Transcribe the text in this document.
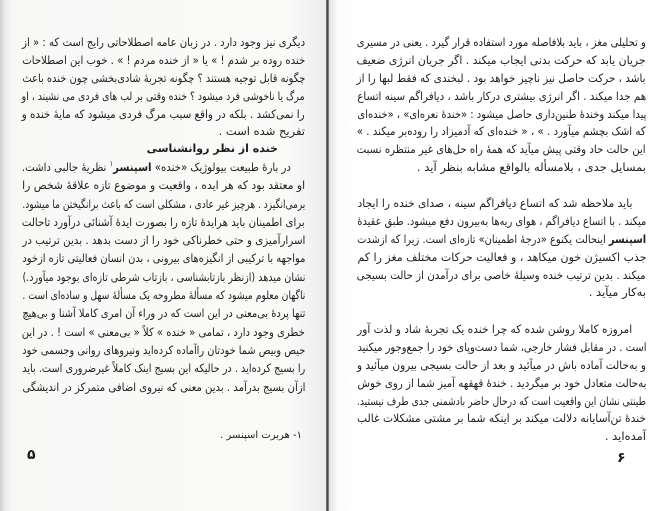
دیگری نیز وجود دارد . در زبان عامه اصطلاحاتی رایج است که : « از
خنده روده بر شدم ! » یا « از خنده مردم ! » . خوب این اصطلاحات
چگونه قابل توجیه هستند ؟ چگونه تجربهٔ شادی‌بخشی چون خنده باعث
مرگ یا ناخوشی فرد میشود ؟ خنده وقتی بر لب های فردی می نشیند ، او
را نمی‌کشد . بلکه در واقع سبب مرگ فردی میشود که مایهٔ خنده و
تفریح شده است .
خنده از نظر روانشناسی
در بارهٔ طبیعت بیولوژیک «خنده» اسپنسر$^۱$ نظریهٔ جالبی داشت.
او معتقد بود که هر ایده ، واقعیت و موضوع تازه علاقهٔ شخص را
برمی‌انگیزد . هرچیز غیر عادی ، مشکلی است که باعث برانگیختن ما میشود.
برای اطمینان باید هرایدهٔ تازه را بصورت ایدهٔ آشنائی درآورد تاحالت
اسرارآمیزی و حتی خطرناکی خود را از دست بدهد . بدین ترتیب در
مواجهه با ترکیبی از انگیزه‌های بیرونی ، بدن انسان فعالیتی تازه ازخود
نشان میدهد (ازنظر بازتابشناسی ، بازتاب شرطی تازه‌ای بوجود میآورد.)
ناگهان معلوم میشود که مسألهٔ مطروحه یک مسألهٔ سهل و ساده‌ای است .
تنها پردهٔ بی‌معنی در این است که در وراء آن امری کاملا آشنا و بی‌هیچ
خطری وجود دارد ، تمامی « خنده » کلاً « بی‌معنی » است ! . در این
حیص وبیص شما خودتان راآماده کرده‌اید ونیروهای روانی وجسمی خود
را بسیج کرده‌اید . در حالیکه این بسیج اینک کاملاً غیرضروری است. باید
ازآن بسیج بدرآمد . بدین معنی که نیروی اضافی متمرکز در اندیشگی
۱- هربرت اسپنسر .
۵
و تحلیلی مغز ، باید بلافاصله مورد استفاده قرار گیرد . یعنی در مسیری
جریان یابد که حرکت بدنی ایجاب میکند . اگر جریان انرژی ضعیف
باشد ، حرکت حاصل نیز ناچیز خواهد بود . لبخندی که فقط لبها را از
هم جدا میکند . اگر انرژی بیشتری درکار باشد ، دیافراگم سینه اتساع
پیدا میکند وخندهٔ طنین‌داری حاصل میشود : «خندهٔ نعره‌ای» ، «خنده‌ای
که اشک بچشم میآورد . » ، « خنده‌ای که آدمیزاد را روده‌بر میکند . »
این حالت حاد وقتی پیش میآید که همهٔ راه حل‌های غیر منتظره نسبت
بمسایل جدی ، بلامسأله بالواقع مشابه بنظر آید .
باید ملاحظه شد که اتساع دیافراگم سینه ، صدای خنده را ایجاد
میکند . با اتساع دیافراگم ، هوای ریه‌ها به‌بیرون دفع میشود. طبق عقیدهٔ
اسپنسر اینحالت یکنوع «درجهٔ اطمینان» تازه‌ای است. زیرا که ازشدت
جذب اکسیژن خون میکاهد ، و فعالیت حرکات مختلف مغز را کم
میکند . بدین ترتیب خنده وسیلهٔ خاصی برای درآمدن از حالت بسیجی
به‌کار میآید .
امروزه کاملا روشن شده که چرا خنده یک تجربهٔ شاد و لذت آور
است . در مقابل فشار خارجی، شما دست‌وپای خود را جمع‌وجور میکنید
و به‌حالت آماده باش در میآئید و بعد از حالت بسیجی بیرون میآئید و
به‌حالت متعادل خود بر میگردید . خندهٔ قهقهه آمیز شما از روی خوش
طینتی نشان این واقعیت است که درحال حاضر بادشمنی جدی طرف نیستید.
خندهٔ تن‌آسایانه دلالت میکند بر اینکه شما بر مشتی مشکلات غالب
آمده‌اید .
۶
